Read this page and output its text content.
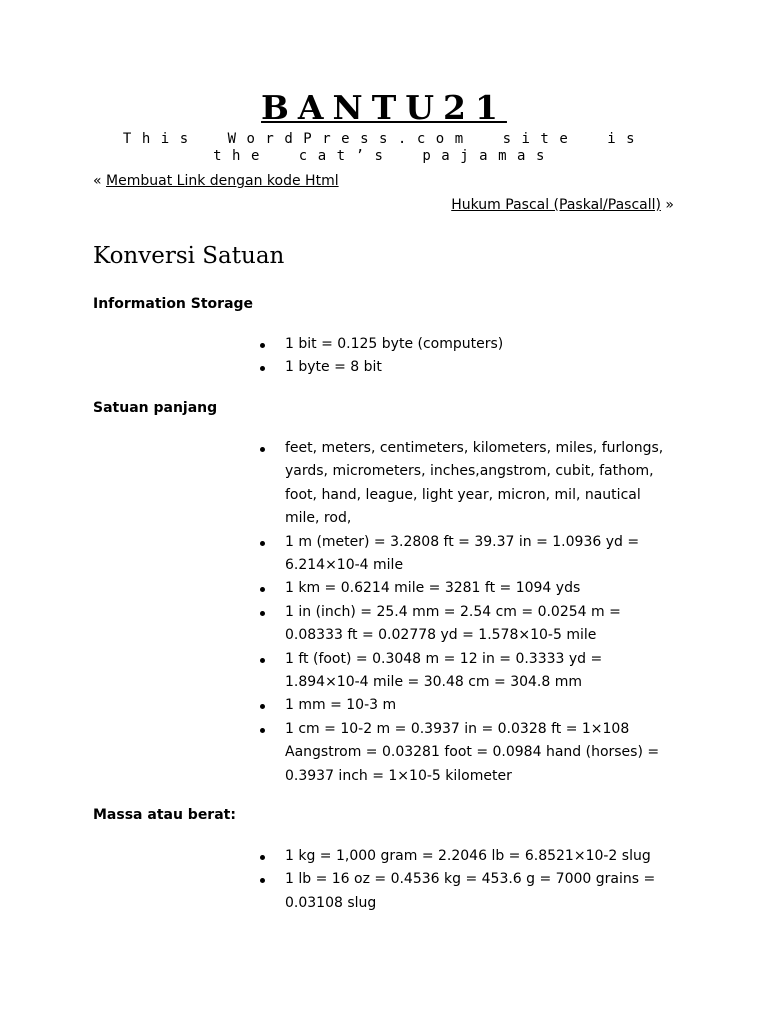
BANTU21

This WordPress.com site is the cat’s pajamas

« Membuat Link dengan kode Html
Hukum Pascal (Paskal/Pascall) »
Konversi Satuan

Information Storage

1 bit = 0.125 byte (computers)
1 byte = 8 bit

Satuan panjang

feet, meters, centimeters, kilometers, miles, furlongs, yards, micrometers, inches,angstrom, cubit, fathom, foot, hand, league, light year, micron, mil, nautical mile, rod,
1 m (meter) = 3.2808 ft = 39.37 in = 1.0936 yd = 6.214×10-4 mile
1 km = 0.6214 mile = 3281 ft = 1094 yds
1 in (inch) = 25.4 mm = 2.54 cm = 0.0254 m = 0.08333 ft = 0.02778 yd = 1.578×10-5 mile
1 ft (foot) = 0.3048 m = 12 in = 0.3333 yd = 1.894×10-4 mile = 30.48 cm = 304.8 mm
1 mm = 10-3 m
1 cm = 10-2 m = 0.3937 in = 0.0328 ft = 1×108 Aangstrom = 0.03281 foot = 0.0984 hand (horses) = 0.3937 inch = 1×10-5 kilometer

Massa atau berat:

1 kg = 1,000 gram = 2.2046 lb = 6.8521×10-2 slug
1 lb = 16 oz = 0.4536 kg = 453.6 g = 7000 grains = 0.03108 slug
